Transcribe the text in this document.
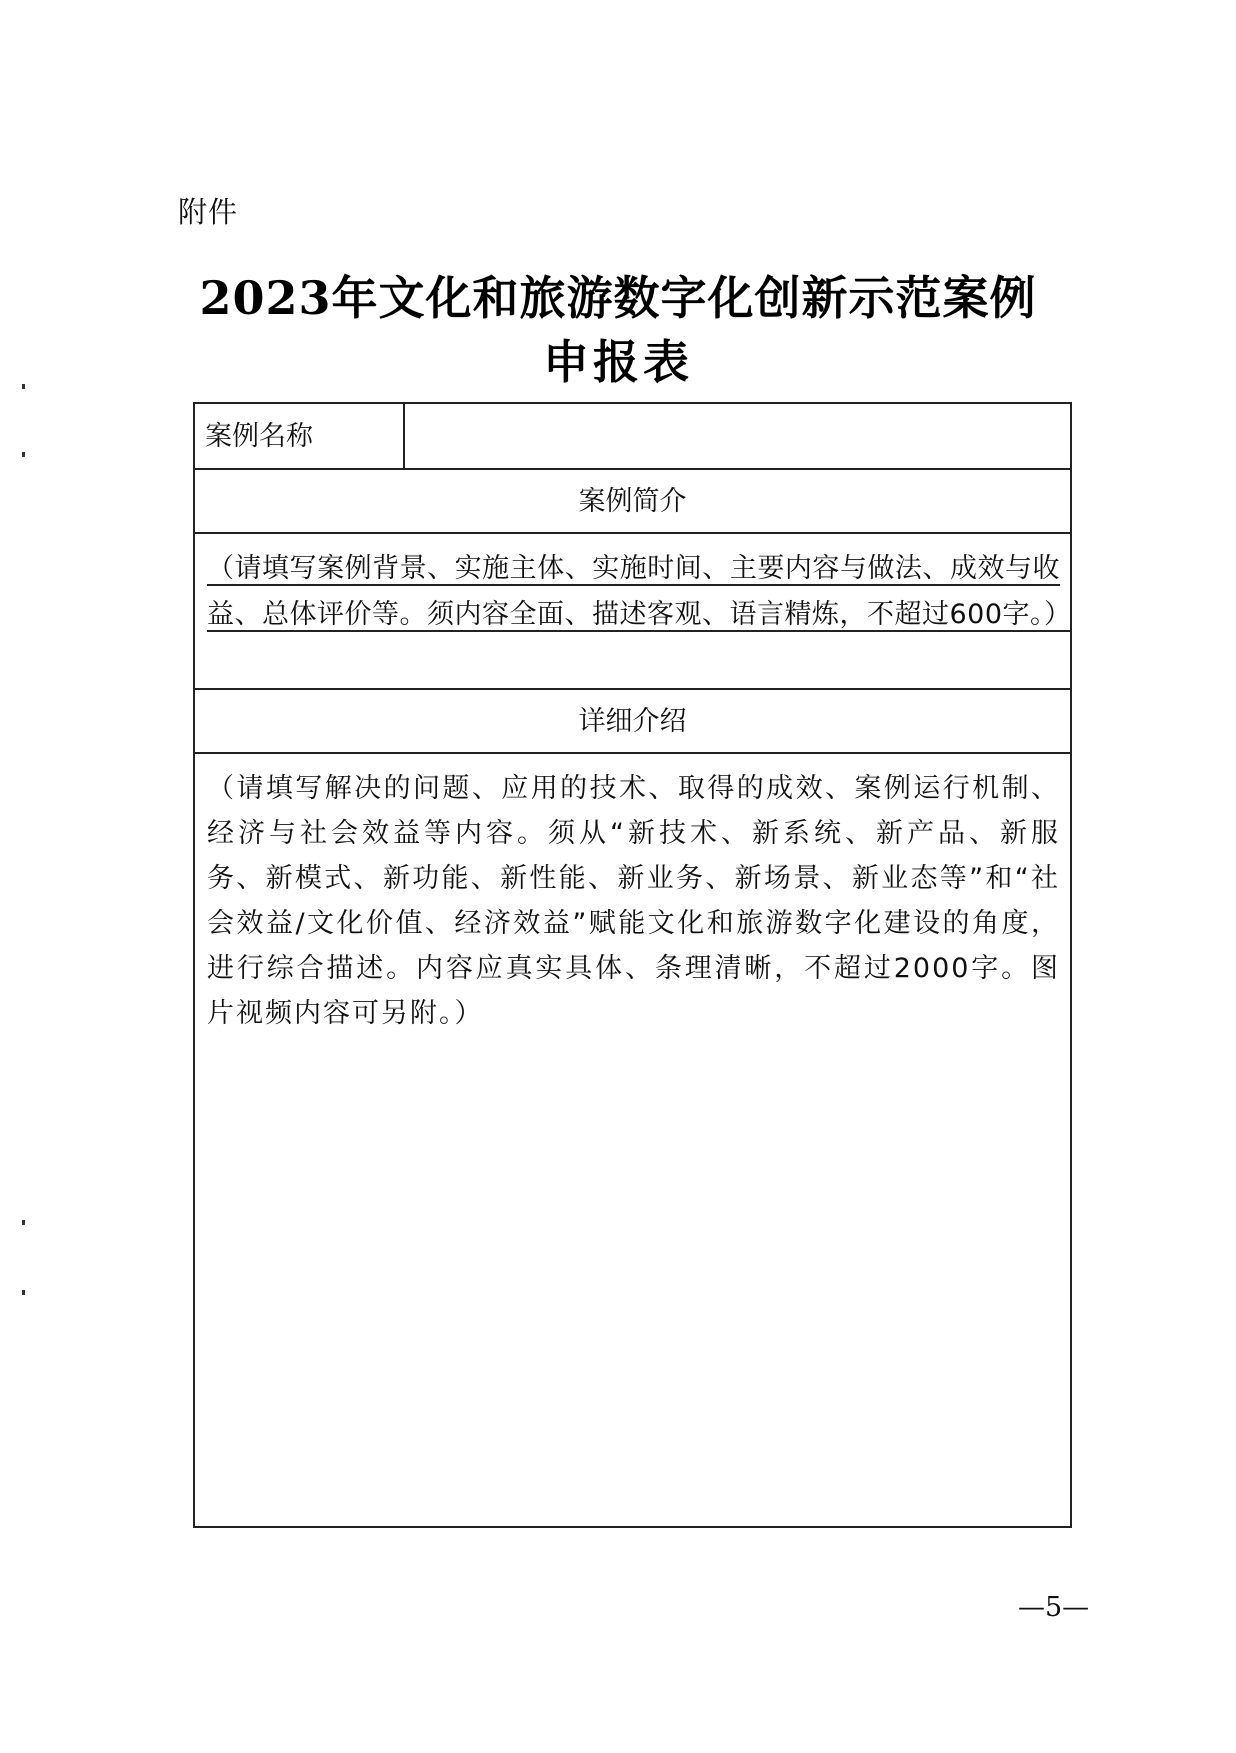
附件
2023年文化和旅游数字化创新示范案例
申报表
案例名称
案例简介

（请填写案例背景、实施主体、实施时间、主要内容与做法、成效与收益、总体评价等。须内容全面、描述客观、语言精炼，不超过600字。）

详细介绍

（请填写解决的问题、应用的技术、取得的成效、案例运行机制、经济与社会效益等内容。须从“新技术、新系统、新产品、新服务、新模式、新功能、新性能、新业务、新场景、新业态等”和“社会效益/文化价值、经济效益”赋能文化和旅游数字化建设的角度，进行综合描述。内容应真实具体、条理清晰，不超过2000字。图片视频内容可另附。）

—5—
